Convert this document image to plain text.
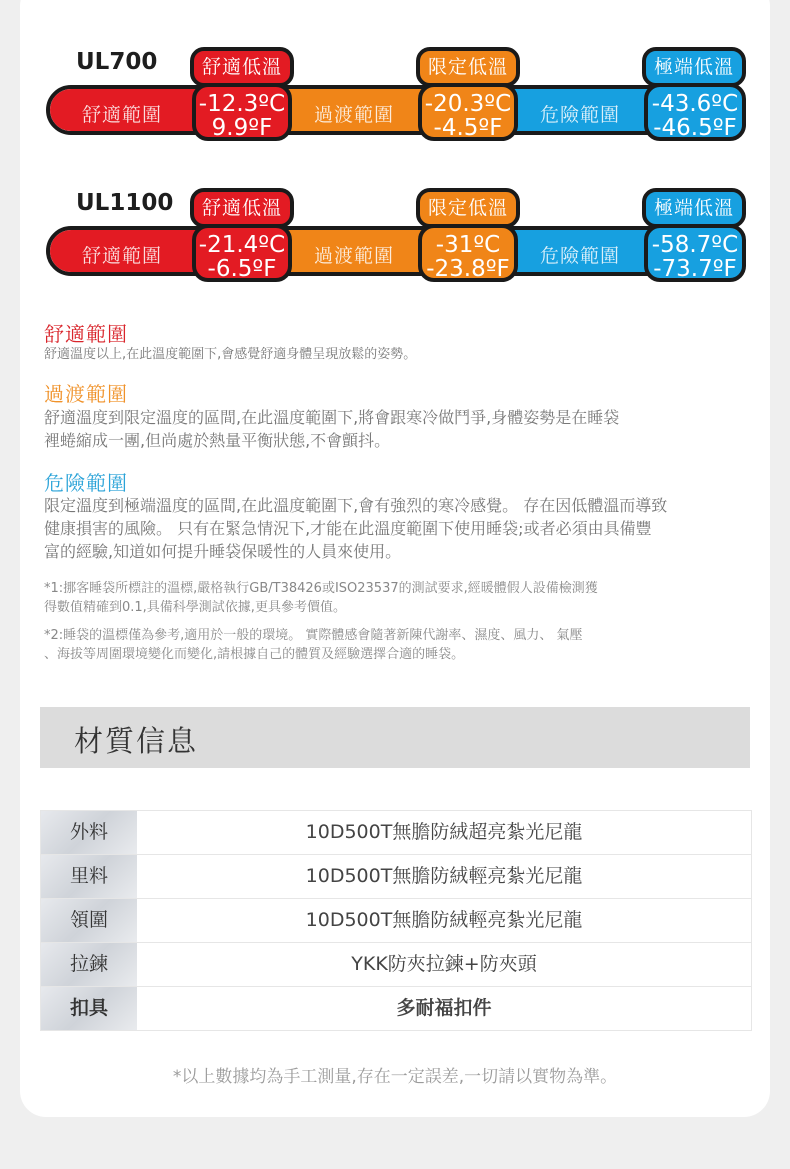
UL700
舒適範圍	過渡範圍	危險範圍
舒適低溫
-12.3ºC
9.9ºF
限定低溫
-20.3ºC
-4.5ºF
極端低溫
-43.6ºC
-46.5ºF
UL1100
舒適範圍	過渡範圍	危險範圍
舒適低溫
-21.4ºC
-6.5ºF
限定低溫
-31ºC
-23.8ºF
極端低溫
-58.7ºC
-73.7ºF
舒適範圍
舒適溫度以上,在此溫度範圍下,會感覺舒適身體呈現放鬆的姿勢。
過渡範圍
舒適溫度到限定溫度的區間,在此溫度範圍下,將會跟寒冷做鬥爭,身體姿勢是在睡袋
裡蜷縮成一團,但尚處於熱量平衡狀態,不會顫抖。
危險範圍
限定溫度到極端溫度的區間,在此溫度範圍下,會有強烈的寒冷感覺。 存在因低體溫而導致
健康損害的風險。 只有在緊急情況下,才能在此溫度範圍下使用睡袋;或者必須由具備豐
富的經驗,知道如何提升睡袋保暖性的人員來使用。
*1:挪客睡袋所標註的溫標,嚴格執行GB/T38426或ISO23537的測試要求,經暖體假人設備檢測獲
得數值精確到0.1,具備科學測試依據,更具參考價值。
*2:睡袋的溫標僅為參考,適用於一般的環境。 實際體感會隨著新陳代謝率、濕度、風力、 氣壓
、海拔等周圍環境變化而變化,請根據自己的體質及經驗選擇合適的睡袋。
材質信息
外料	10D500T無膽防絨超亮紮光尼龍
里料	10D500T無膽防絨輕亮紮光尼龍
領圍	10D500T無膽防絨輕亮紮光尼龍
拉鍊	YKK防夾拉鍊+防夾頭
扣具	多耐福扣件
*以上數據均為手工測量,存在一定誤差,一切請以實物為準。
